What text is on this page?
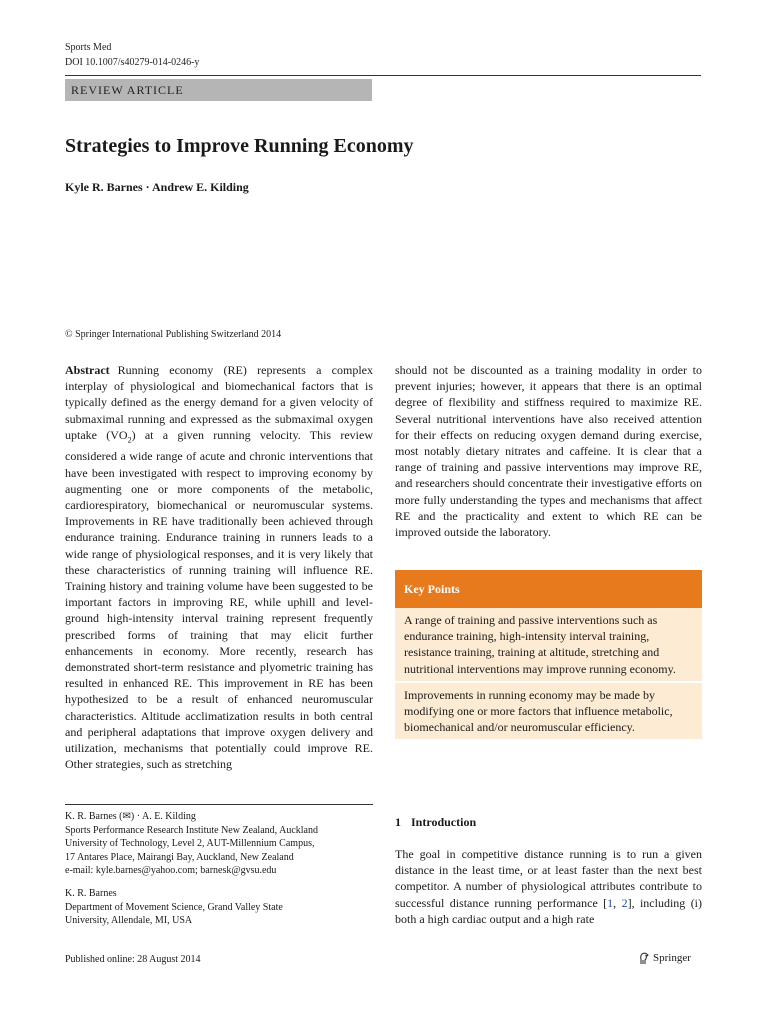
Sports Med
DOI 10.1007/s40279-014-0246-y
REVIEW ARTICLE
Strategies to Improve Running Economy
Kyle R. Barnes · Andrew E. Kilding
© Springer International Publishing Switzerland 2014
Abstract Running economy (RE) represents a complex interplay of physiological and biomechanical factors that is typically defined as the energy demand for a given velocity of submaximal running and expressed as the submaximal oxygen uptake $(VO_2)$ at a given running velocity. This review considered a wide range of acute and chronic interventions that have been investigated with respect to improving economy by augmenting one or more components of the metabolic, cardiorespiratory, biomechanical or neuromuscular systems. Improvements in RE have traditionally been achieved through endurance training. Endurance training in runners leads to a wide range of physiological responses, and it is very likely that these characteristics of running training will influence RE. Training history and training volume have been suggested to be important factors in improving RE, while uphill and level-ground high-intensity interval training represent frequently prescribed forms of training that may elicit further enhancements in economy. More recently, research has demonstrated short-term resistance and plyometric training has resulted in enhanced RE. This improvement in RE has been hypothesized to be a result of enhanced neuromuscular characteristics. Altitude acclimatization results in both central and peripheral adaptations that improve oxygen delivery and utilization, mechanisms that potentially could improve RE. Other strategies, such as stretching
should not be discounted as a training modality in order to prevent injuries; however, it appears that there is an optimal degree of flexibility and stiffness required to maximize RE. Several nutritional interventions have also received attention for their effects on reducing oxygen demand during exercise, most notably dietary nitrates and caffeine. It is clear that a range of training and passive interventions may improve RE, and researchers should concentrate their investigative efforts on more fully understanding the types and mechanisms that affect RE and the practicality and extent to which RE can be improved outside the laboratory.
Key Points
A range of training and passive interventions such as endurance training, high-intensity interval training, resistance training, training at altitude, stretching and nutritional interventions may improve running economy.
Improvements in running economy may be made by modifying one or more factors that influence metabolic, biomechanical and/or neuromuscular efficiency.
K. R. Barnes (✉) · A. E. Kilding
Sports Performance Research Institute New Zealand, Auckland
University of Technology, Level 2, AUT-Millennium Campus,
17 Antares Place, Mairangi Bay, Auckland, New Zealand
e-mail: kyle.barnes@yahoo.com; barnesk@gvsu.edu
K. R. Barnes
Department of Movement Science, Grand Valley State
University, Allendale, MI, USA
1 Introduction
The goal in competitive distance running is to run a given distance in the least time, or at least faster than the next best competitor. A number of physiological attributes contribute to successful distance running performance [1, 2], including (i) both a high cardiac output and a high rate
Published online: 28 August 2014	Springer
